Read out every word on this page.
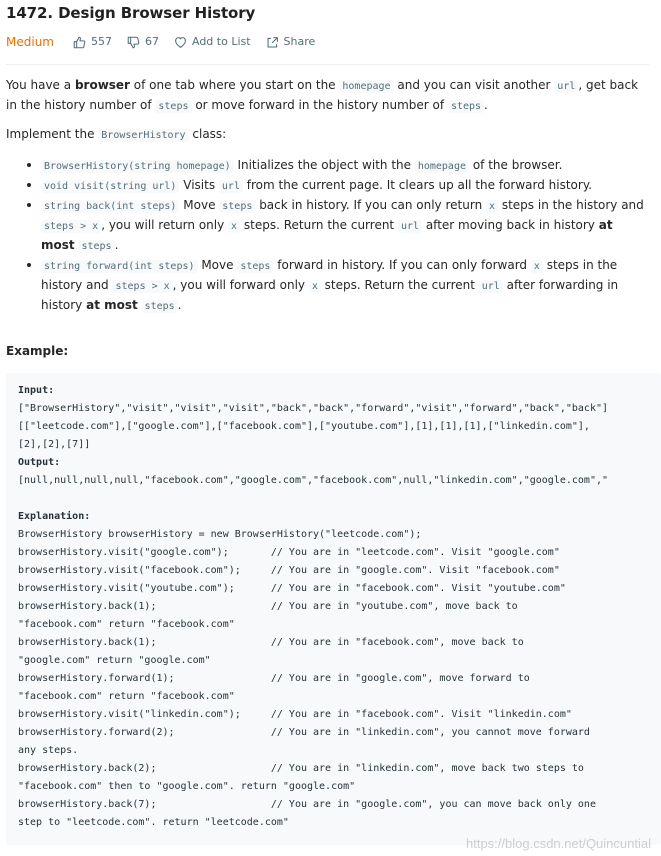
1472. Design Browser History
Medium	557	67	Add to List	Share

You have a browser of one tab where you start on the homepage and you can visit another url , get back in the history number of steps or move forward in the history number of steps .

Implement the BrowserHistory class:

BrowserHistory(string homepage) Initializes the object with the homepage of the browser.
void visit(string url) Visits url from the current page. It clears up all the forward history.
string back(int steps) Move steps back in history. If you can only return x steps in the history and steps > x , you will return only x steps. Return the current url after moving back in history at most steps .
string forward(int steps) Move steps forward in history. If you can only forward x steps in the history and steps > x , you will forward only x steps. Return the current url after forwarding in history at most steps .
Example:
Input:
["BrowserHistory","visit","visit","visit","back","back","forward","visit","forward","back","back"]
[["leetcode.com"],["google.com"],["facebook.com"],["youtube.com"],[1],[1],[1],["linkedin.com"],
[2],[2],[7]]
Output:
[null,null,null,null,"facebook.com","google.com","facebook.com",null,"linkedin.com","google.com","

Explanation:
BrowserHistory browserHistory = new BrowserHistory("leetcode.com");
browserHistory.visit("google.com");       // You are in "leetcode.com". Visit "google.com"
browserHistory.visit("facebook.com");     // You are in "google.com". Visit "facebook.com"
browserHistory.visit("youtube.com");      // You are in "facebook.com". Visit "youtube.com"
browserHistory.back(1);                   // You are in "youtube.com", move back to
"facebook.com" return "facebook.com"
browserHistory.back(1);                   // You are in "facebook.com", move back to
"google.com" return "google.com"
browserHistory.forward(1);                // You are in "google.com", move forward to
"facebook.com" return "facebook.com"
browserHistory.visit("linkedin.com");     // You are in "facebook.com". Visit "linkedin.com"
browserHistory.forward(2);                // You are in "linkedin.com", you cannot move forward
any steps.
browserHistory.back(2);                   // You are in "linkedin.com", move back two steps to
"facebook.com" then to "google.com". return "google.com"
browserHistory.back(7);                   // You are in "google.com", you can move back only one
step to "leetcode.com". return "leetcode.com"
https://blog.csdn.net/Quincuntial
